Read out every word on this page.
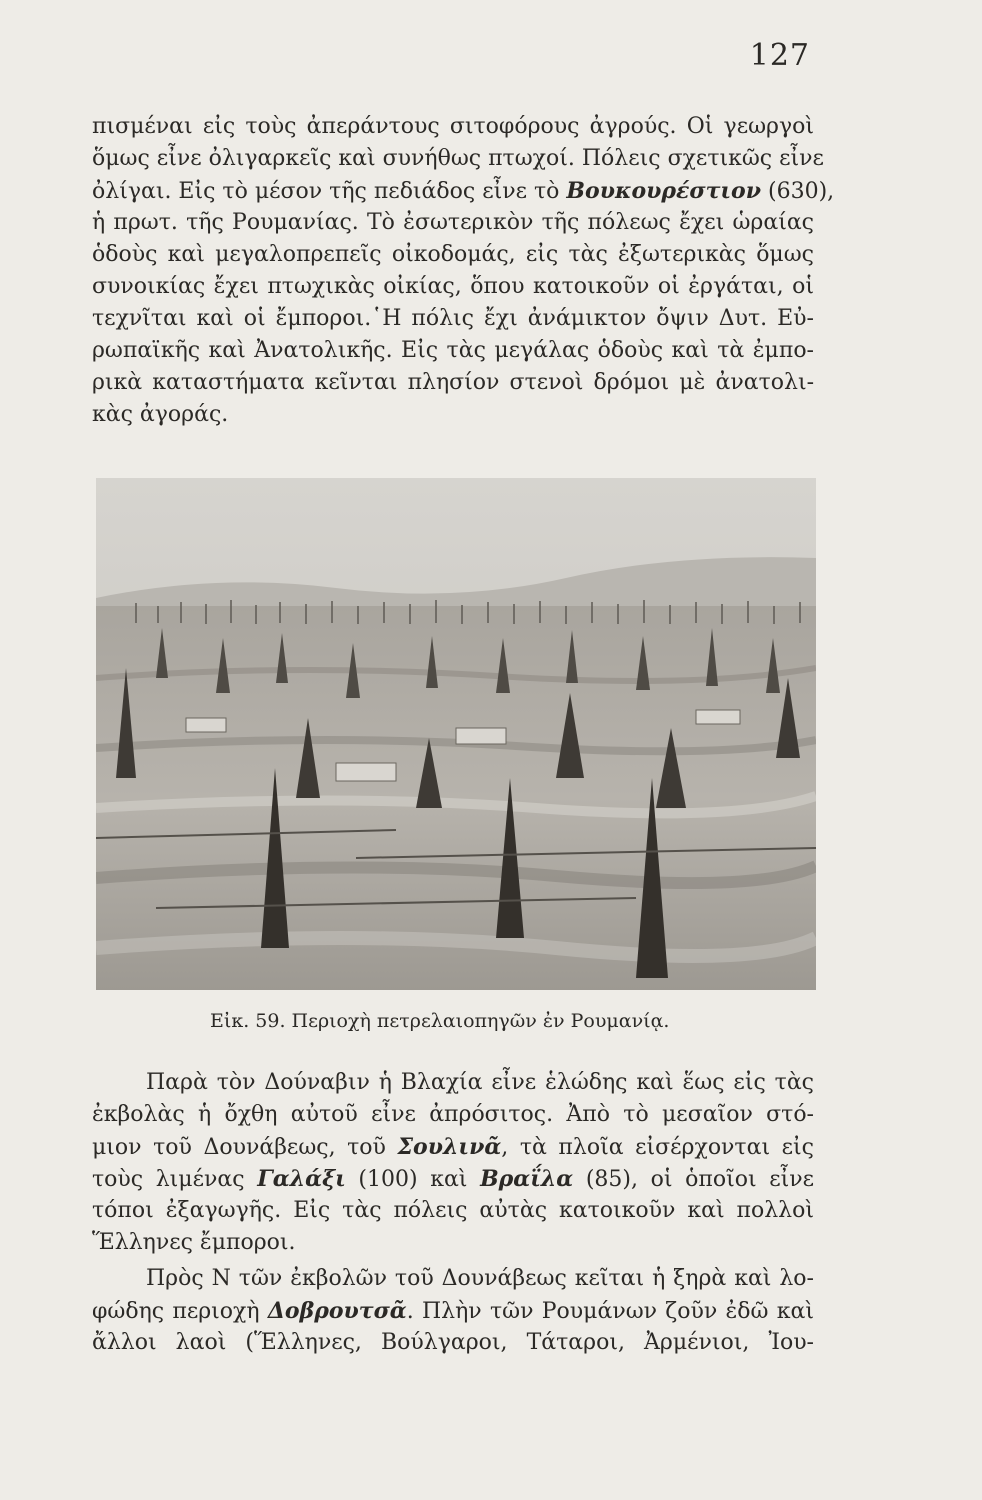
127
πισμέναι εἰς τοὺς ἀπεράντους σιτοφόρους ἀγρούς. Οἱ γεωργοὶ
ὅμως εἶνε ὀλιγαρκεῖς καὶ συνήθως πτωχοί. Πόλεις σχετικῶς εἶνε
ὀλίγαι. Εἰς τὸ μέσον τῆς πεδιάδος εἶνε τὸ Βουκουρέστιον (630),
ἡ πρωτ. τῆς Ρουμανίας. Τὸ ἐσωτερικὸν τῆς πόλεως ἔχει ὡραίας
ὁδοὺς καὶ μεγαλοπρεπεῖς οἰκοδομάς, εἰς τὰς ἐξωτερικὰς ὅμως
συνοικίας ἔχει πτωχικὰς οἰκίας, ὅπου κατοικοῦν οἱ ἐργάται, οἱ
τεχνῖται καὶ οἱ ἔμποροι.῾Η πόλις ἔχι ἀνάμικτον ὄψιν Δυτ. Εὐ-
ρωπαϊκῆς καὶ Ἀνατολικῆς. Εἰς τὰς μεγάλας ὁδοὺς καὶ τὰ ἐμπο-
ρικὰ καταστήματα κεῖνται πλησίον στενοὶ δρόμοι μὲ ἀνατολι-
κὰς ἀγοράς.
Εἰκ. 59. Περιοχὴ πετρελαιοπηγῶν ἐν Ρουμανίᾳ.
Παρὰ τὸν Δούναβιν ἡ Βλαχία εἶνε ἑλώδης καὶ ἕως εἰς τὰς
ἐκβολὰς ἡ ὄχθη αὐτοῦ εἶνε ἀπρόσιτος. Ἀπὸ τὸ μεσαῖον στό-
μιον τοῦ Δουνάβεως, τοῦ Σουλινᾶ, τὰ πλοῖα εἰσέρχονται εἰς
τοὺς λιμένας Γαλάξι (100) καὶ Βραΐλα (85), οἱ ὁποῖοι εἶνε
τόποι ἐξαγωγῆς. Εἰς τὰς πόλεις αὐτὰς κατοικοῦν καὶ πολλοὶ
Ἕλληνες ἔμποροι.
Πρὸς Ν τῶν ἐκβολῶν τοῦ Δουνάβεως κεῖται ἡ ξηρὰ καὶ λο-
φώδης περιοχὴ Δοβρουτσᾶ. Πλὴν τῶν Ρουμάνων ζοῦν ἐδῶ καὶ
ἄλλοι λαοὶ (Ἕλληνες, Βούλγαροι, Τάταροι, Ἀρμένιοι, Ἰου-
